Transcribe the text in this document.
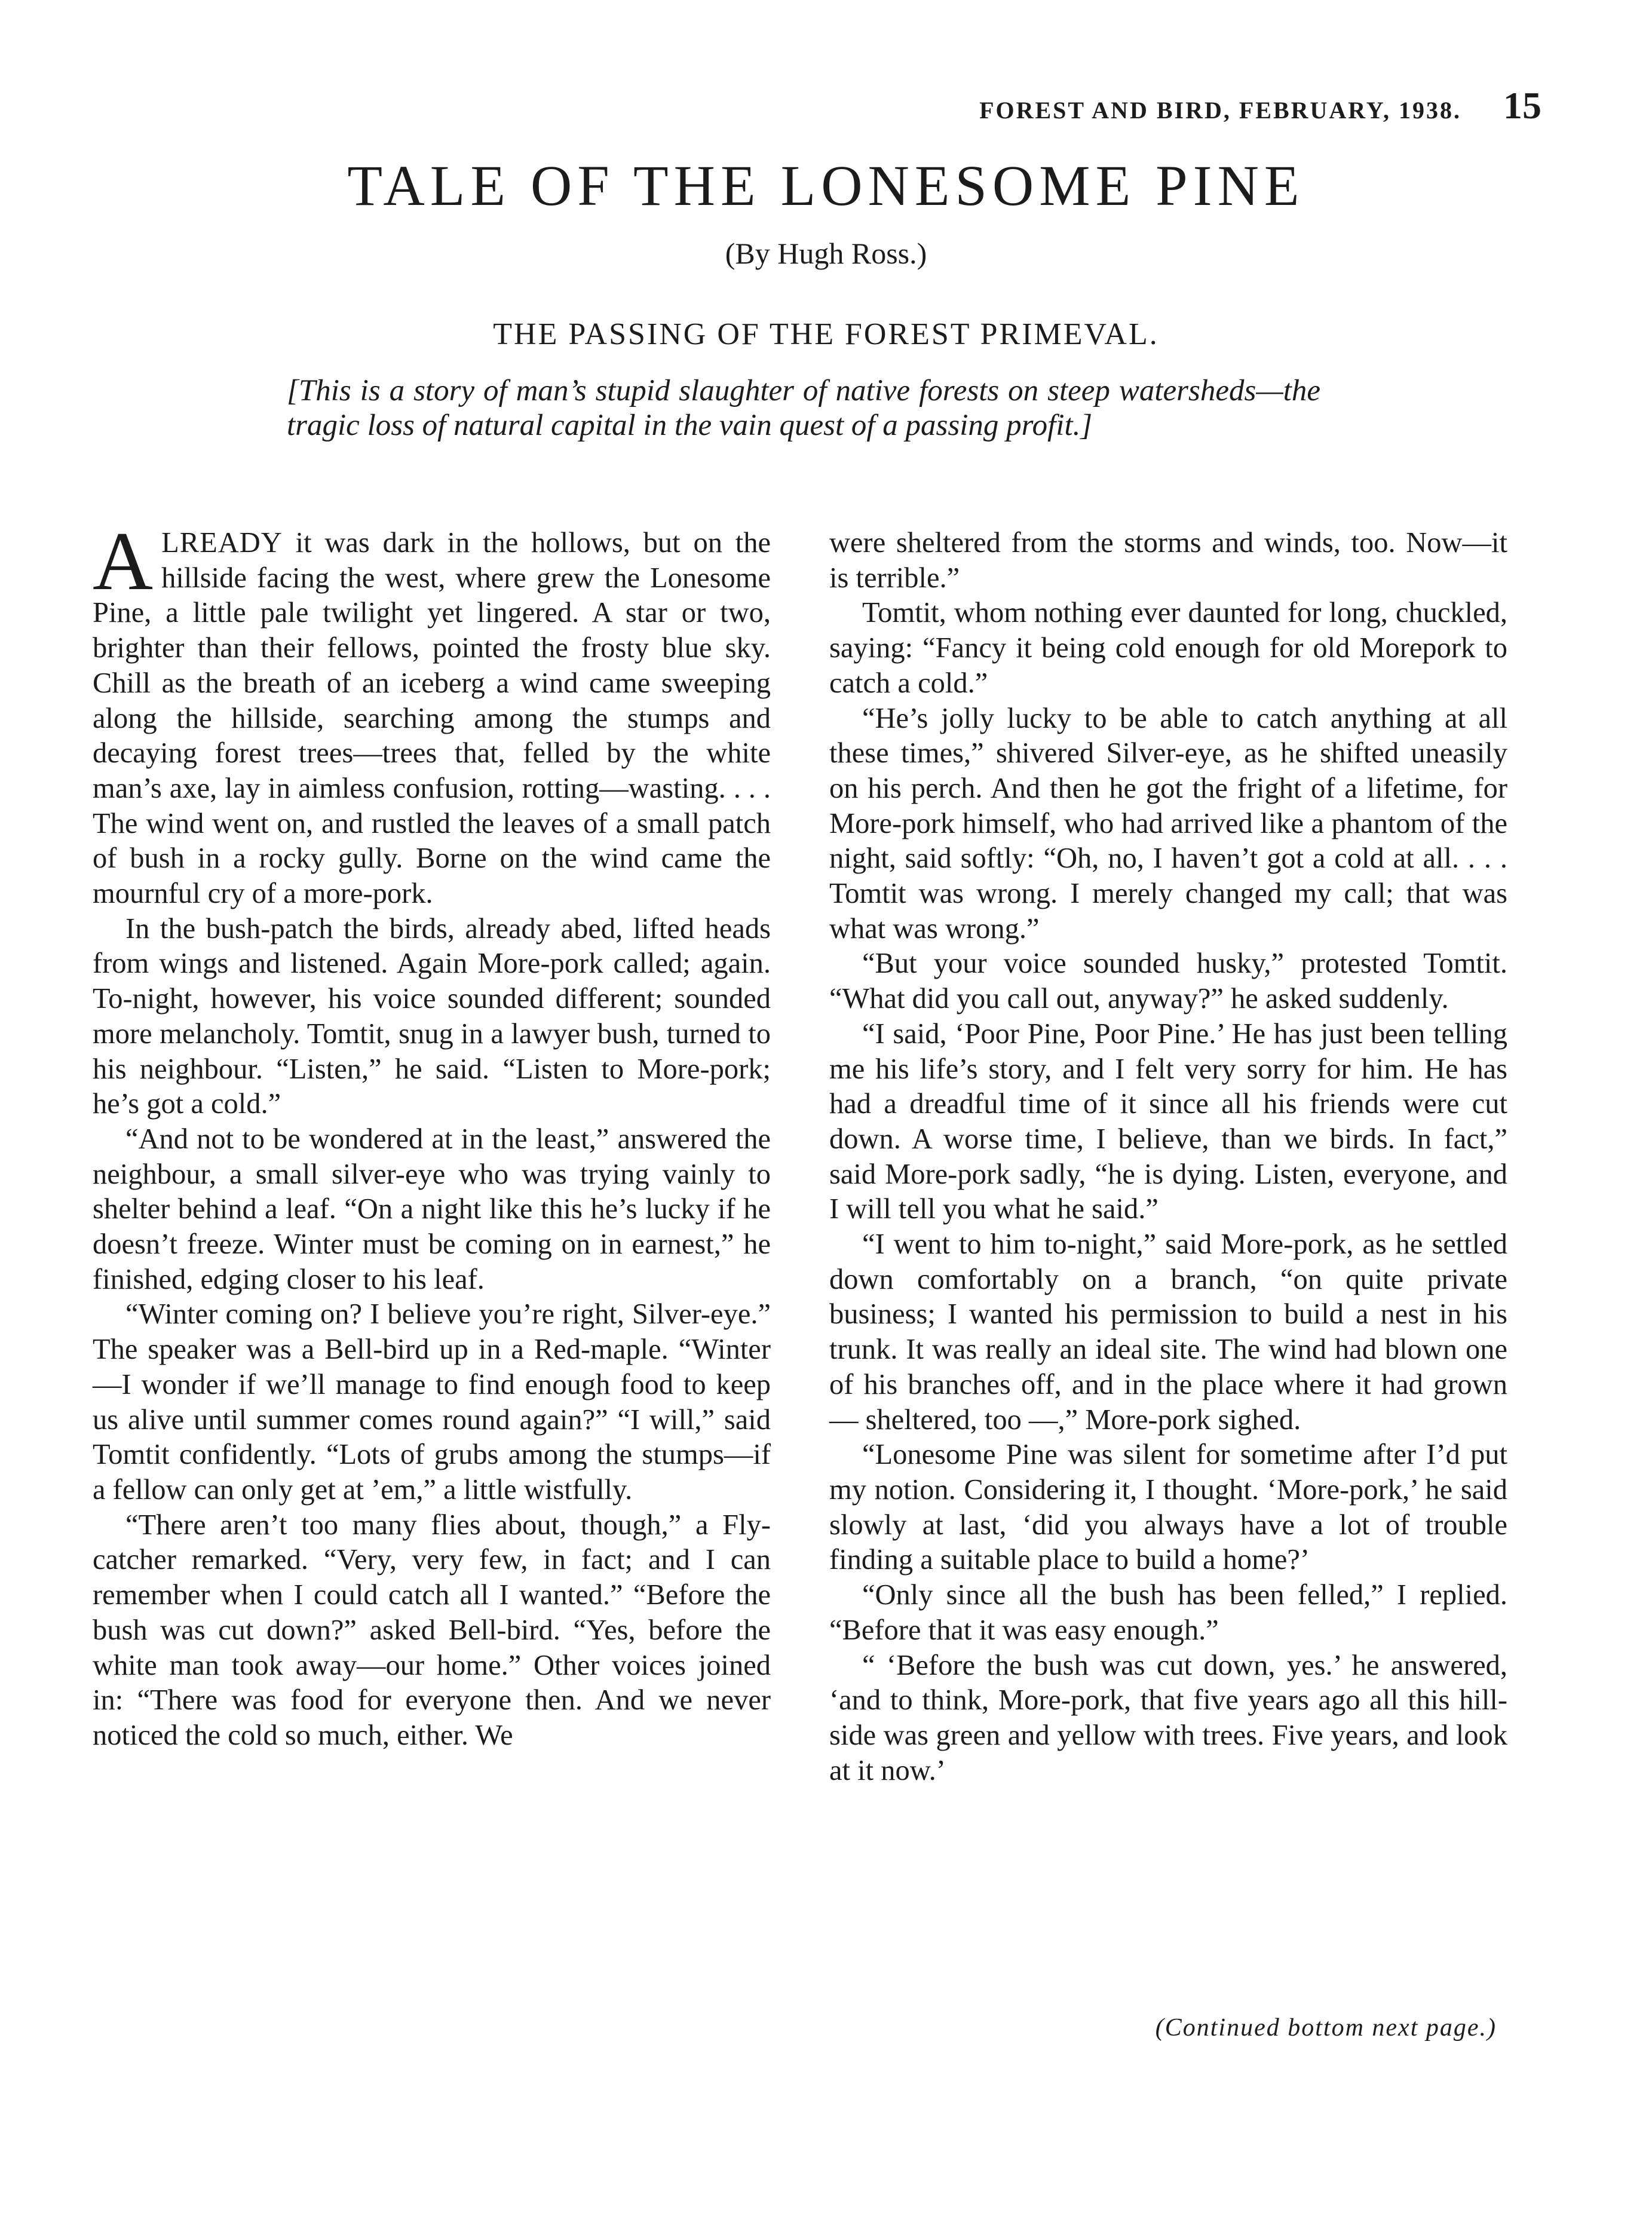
FOREST AND BIRD, FEBRUARY, 1938. 15
TALE OF THE LONESOME PINE
(By Hugh Ross.)
THE PASSING OF THE FOREST PRIMEVAL.

[This is a story of man’s stupid slaughter of native forests on steep watersheds—the tragic loss of natural capital in the vain quest of a passing profit.]

ALREADY it was dark in the hollows, but on the hillside facing the west, where grew the Lonesome Pine, a little pale twilight yet lingered. A star or two, brighter than their fellows, pointed the frosty blue sky. Chill as the breath of an iceberg a wind came sweeping along the hillside, searching among the stumps and decaying forest trees—trees that, felled by the white man’s axe, lay in aimless confusion, rotting—wasting. . . . The wind went on, and rustled the leaves of a small patch of bush in a rocky gully. Borne on the wind came the mournful cry of a more-pork.

In the bush-patch the birds, already abed, lifted heads from wings and listened. Again More-pork called; again. To-night, however, his voice sounded different; sounded more melancholy. Tomtit, snug in a lawyer bush, turned to his neighbour. “Listen,” he said. “Listen to More-pork; he’s got a cold.”

“And not to be wondered at in the least,” answered the neighbour, a small silver-eye who was trying vainly to shelter behind a leaf. “On a night like this he’s lucky if he doesn’t freeze. Winter must be coming on in earnest,” he finished, edging closer to his leaf.

“Winter coming on? I believe you’re right, Silver-eye.” The speaker was a Bell-bird up in a Red-maple. “Winter—I wonder if we’ll manage to find enough food to keep us alive until summer comes round again?” “I will,” said Tomtit confidently. “Lots of grubs among the stumps—if a fellow can only get at ’em,” a little wistfully.

“There aren’t too many flies about, though,” a Fly-catcher remarked. “Very, very few, in fact; and I can remember when I could catch all I wanted.” “Before the bush was cut down?” asked Bell-bird. “Yes, before the white man took away—our home.” Other voices joined in: “There was food for everyone then. And we never noticed the cold so much, either. We

were sheltered from the storms and winds, too. Now—it is terrible.”

Tomtit, whom nothing ever daunted for long, chuckled, saying: “Fancy it being cold enough for old Morepork to catch a cold.”

“He’s jolly lucky to be able to catch anything at all these times,” shivered Silver-eye, as he shifted uneasily on his perch. And then he got the fright of a lifetime, for More-pork himself, who had arrived like a phantom of the night, said softly: “Oh, no, I haven’t got a cold at all. . . . Tomtit was wrong. I merely changed my call; that was what was wrong.”

“But your voice sounded husky,” protested Tomtit. “What did you call out, anyway?” he asked suddenly.

“I said, ‘Poor Pine, Poor Pine.’ He has just been telling me his life’s story, and I felt very sorry for him. He has had a dreadful time of it since all his friends were cut down. A worse time, I believe, than we birds. In fact,” said More-pork sadly, “he is dying. Listen, everyone, and I will tell you what he said.”

“I went to him to-night,” said More-pork, as he settled down comfortably on a branch, “on quite private business; I wanted his permission to build a nest in his trunk. It was really an ideal site. The wind had blown one of his branches off, and in the place where it had grown — sheltered, too —,” More-pork sighed.

“Lonesome Pine was silent for sometime after I’d put my notion. Considering it, I thought. ‘More-pork,’ he said slowly at last, ‘did you always have a lot of trouble finding a suitable place to build a home?’

“Only since all the bush has been felled,” I replied. “Before that it was easy enough.”

“ ‘Before the bush was cut down, yes.’ he answered, ‘and to think, More-pork, that five years ago all this hill-side was green and yellow with trees. Five years, and look at it now.’

(Continued bottom next page.)
